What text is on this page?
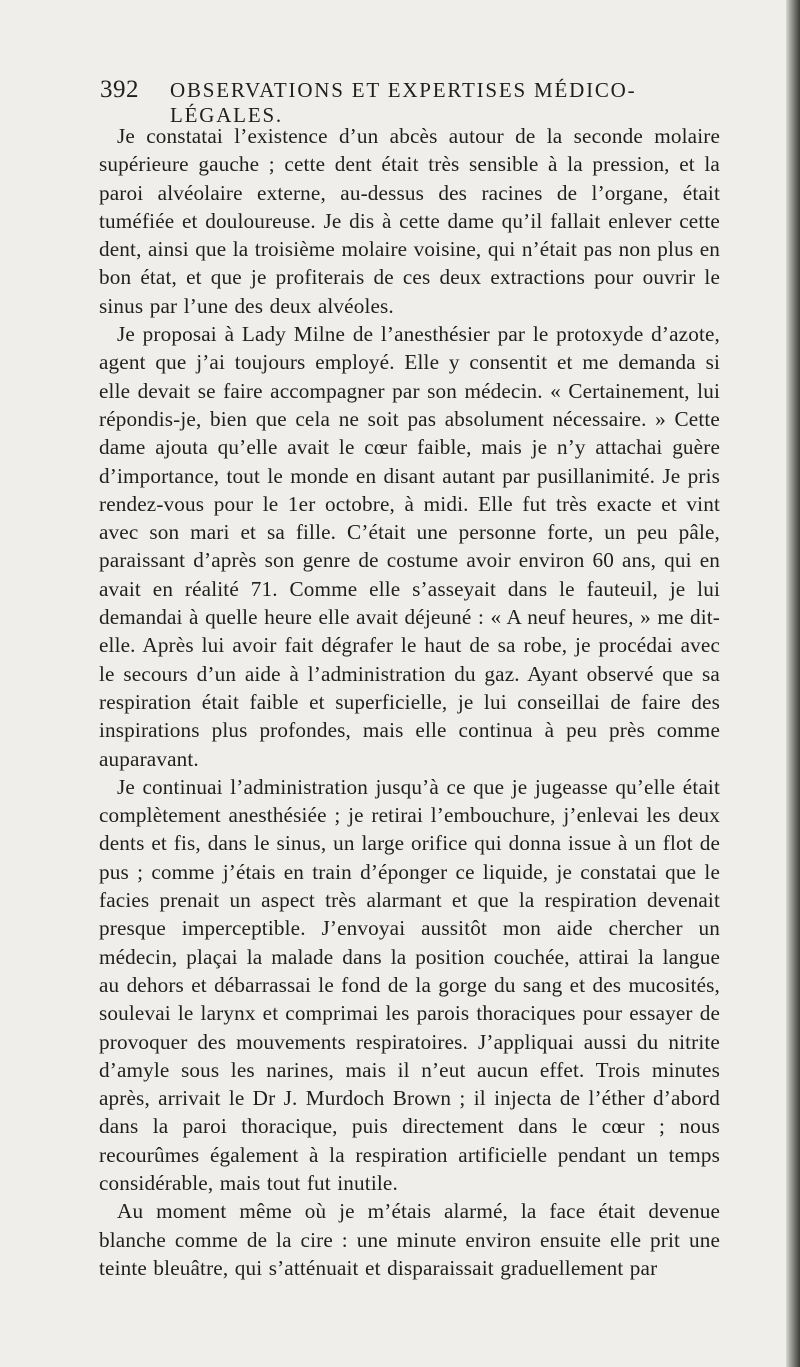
392 OBSERVATIONS ET EXPERTISES MÉDICO-LÉGALES.

Je constatai l’existence d’un abcès autour de la seconde molaire supérieure gauche ; cette dent était très sensible à la pression, et la paroi alvéolaire externe, au-dessus des racines de l’organe, était tuméfiée et douloureuse. Je dis à cette dame qu’il fallait enlever cette dent, ainsi que la troisième molaire voisine, qui n’était pas non plus en bon état, et que je profiterais de ces deux extractions pour ouvrir le sinus par l’une des deux alvéoles.

Je proposai à Lady Milne de l’anesthésier par le protoxyde d’azote, agent que j’ai toujours employé. Elle y consentit et me demanda si elle devait se faire accompagner par son médecin. « Certainement, lui répondis-je, bien que cela ne soit pas absolument nécessaire. » Cette dame ajouta qu’elle avait le cœur faible, mais je n’y attachai guère d’importance, tout le monde en disant autant par pusillanimité. Je pris rendez-vous pour le 1er octobre, à midi. Elle fut très exacte et vint avec son mari et sa fille. C’était une personne forte, un peu pâle, paraissant d’après son genre de costume avoir environ 60 ans, qui en avait en réalité 71. Comme elle s’asseyait dans le fauteuil, je lui demandai à quelle heure elle avait déjeuné : « A neuf heures, » me dit-elle. Après lui avoir fait dégrafer le haut de sa robe, je procédai avec le secours d’un aide à l’administration du gaz. Ayant observé que sa respiration était faible et superficielle, je lui conseillai de faire des inspirations plus profondes, mais elle continua à peu près comme auparavant.

Je continuai l’administration jusqu’à ce que je jugeasse qu’elle était complètement anesthésiée ; je retirai l’embouchure, j’enlevai les deux dents et fis, dans le sinus, un large orifice qui donna issue à un flot de pus ; comme j’étais en train d’éponger ce liquide, je constatai que le facies prenait un aspect très alarmant et que la respiration devenait presque imperceptible. J’envoyai aussitôt mon aide chercher un médecin, plaçai la malade dans la position couchée, attirai la langue au dehors et débarrassai le fond de la gorge du sang et des mucosités, soulevai le larynx et comprimai les parois thoraciques pour essayer de provoquer des mouvements respiratoires. J’appliquai aussi du nitrite d’amyle sous les narines, mais il n’eut aucun effet. Trois minutes après, arrivait le Dr J. Murdoch Brown ; il injecta de l’éther d’abord dans la paroi thoracique, puis directement dans le cœur ; nous recourûmes également à la respiration artificielle pendant un temps considérable, mais tout fut inutile.

Au moment même où je m’étais alarmé, la face était devenue blanche comme de la cire : une minute environ ensuite elle prit une teinte bleuâtre, qui s’atténuait et disparaissait graduellement par
